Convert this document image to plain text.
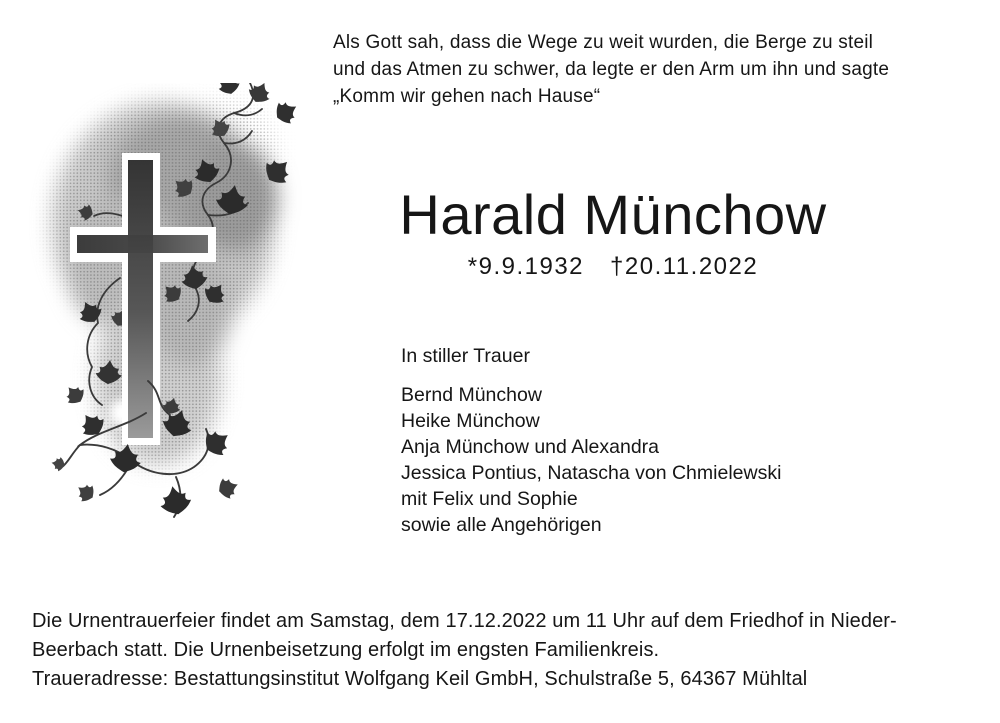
Als Gott sah, dass die Wege zu weit wurden, die Berge zu steil
und das Atmen zu schwer, da legte er den Arm um ihn und sagte
„Komm wir gehen nach Hause“
Harald Münchow
*9.9.1932 †20.11.2022
In stiller Trauer
Bernd Münchow
Heike Münchow
Anja Münchow und Alexandra
Jessica Pontius, Natascha von Chmielewski
mit Felix und Sophie
sowie alle Angehörigen
Die Urnentrauerfeier findet am Samstag, dem 17.12.2022 um 11 Uhr auf dem Friedhof in Nieder-
Beerbach statt. Die Urnenbeisetzung erfolgt im engsten Familienkreis.
Traueradresse: Bestattungsinstitut Wolfgang Keil GmbH, Schulstraße 5, 64367 Mühltal
